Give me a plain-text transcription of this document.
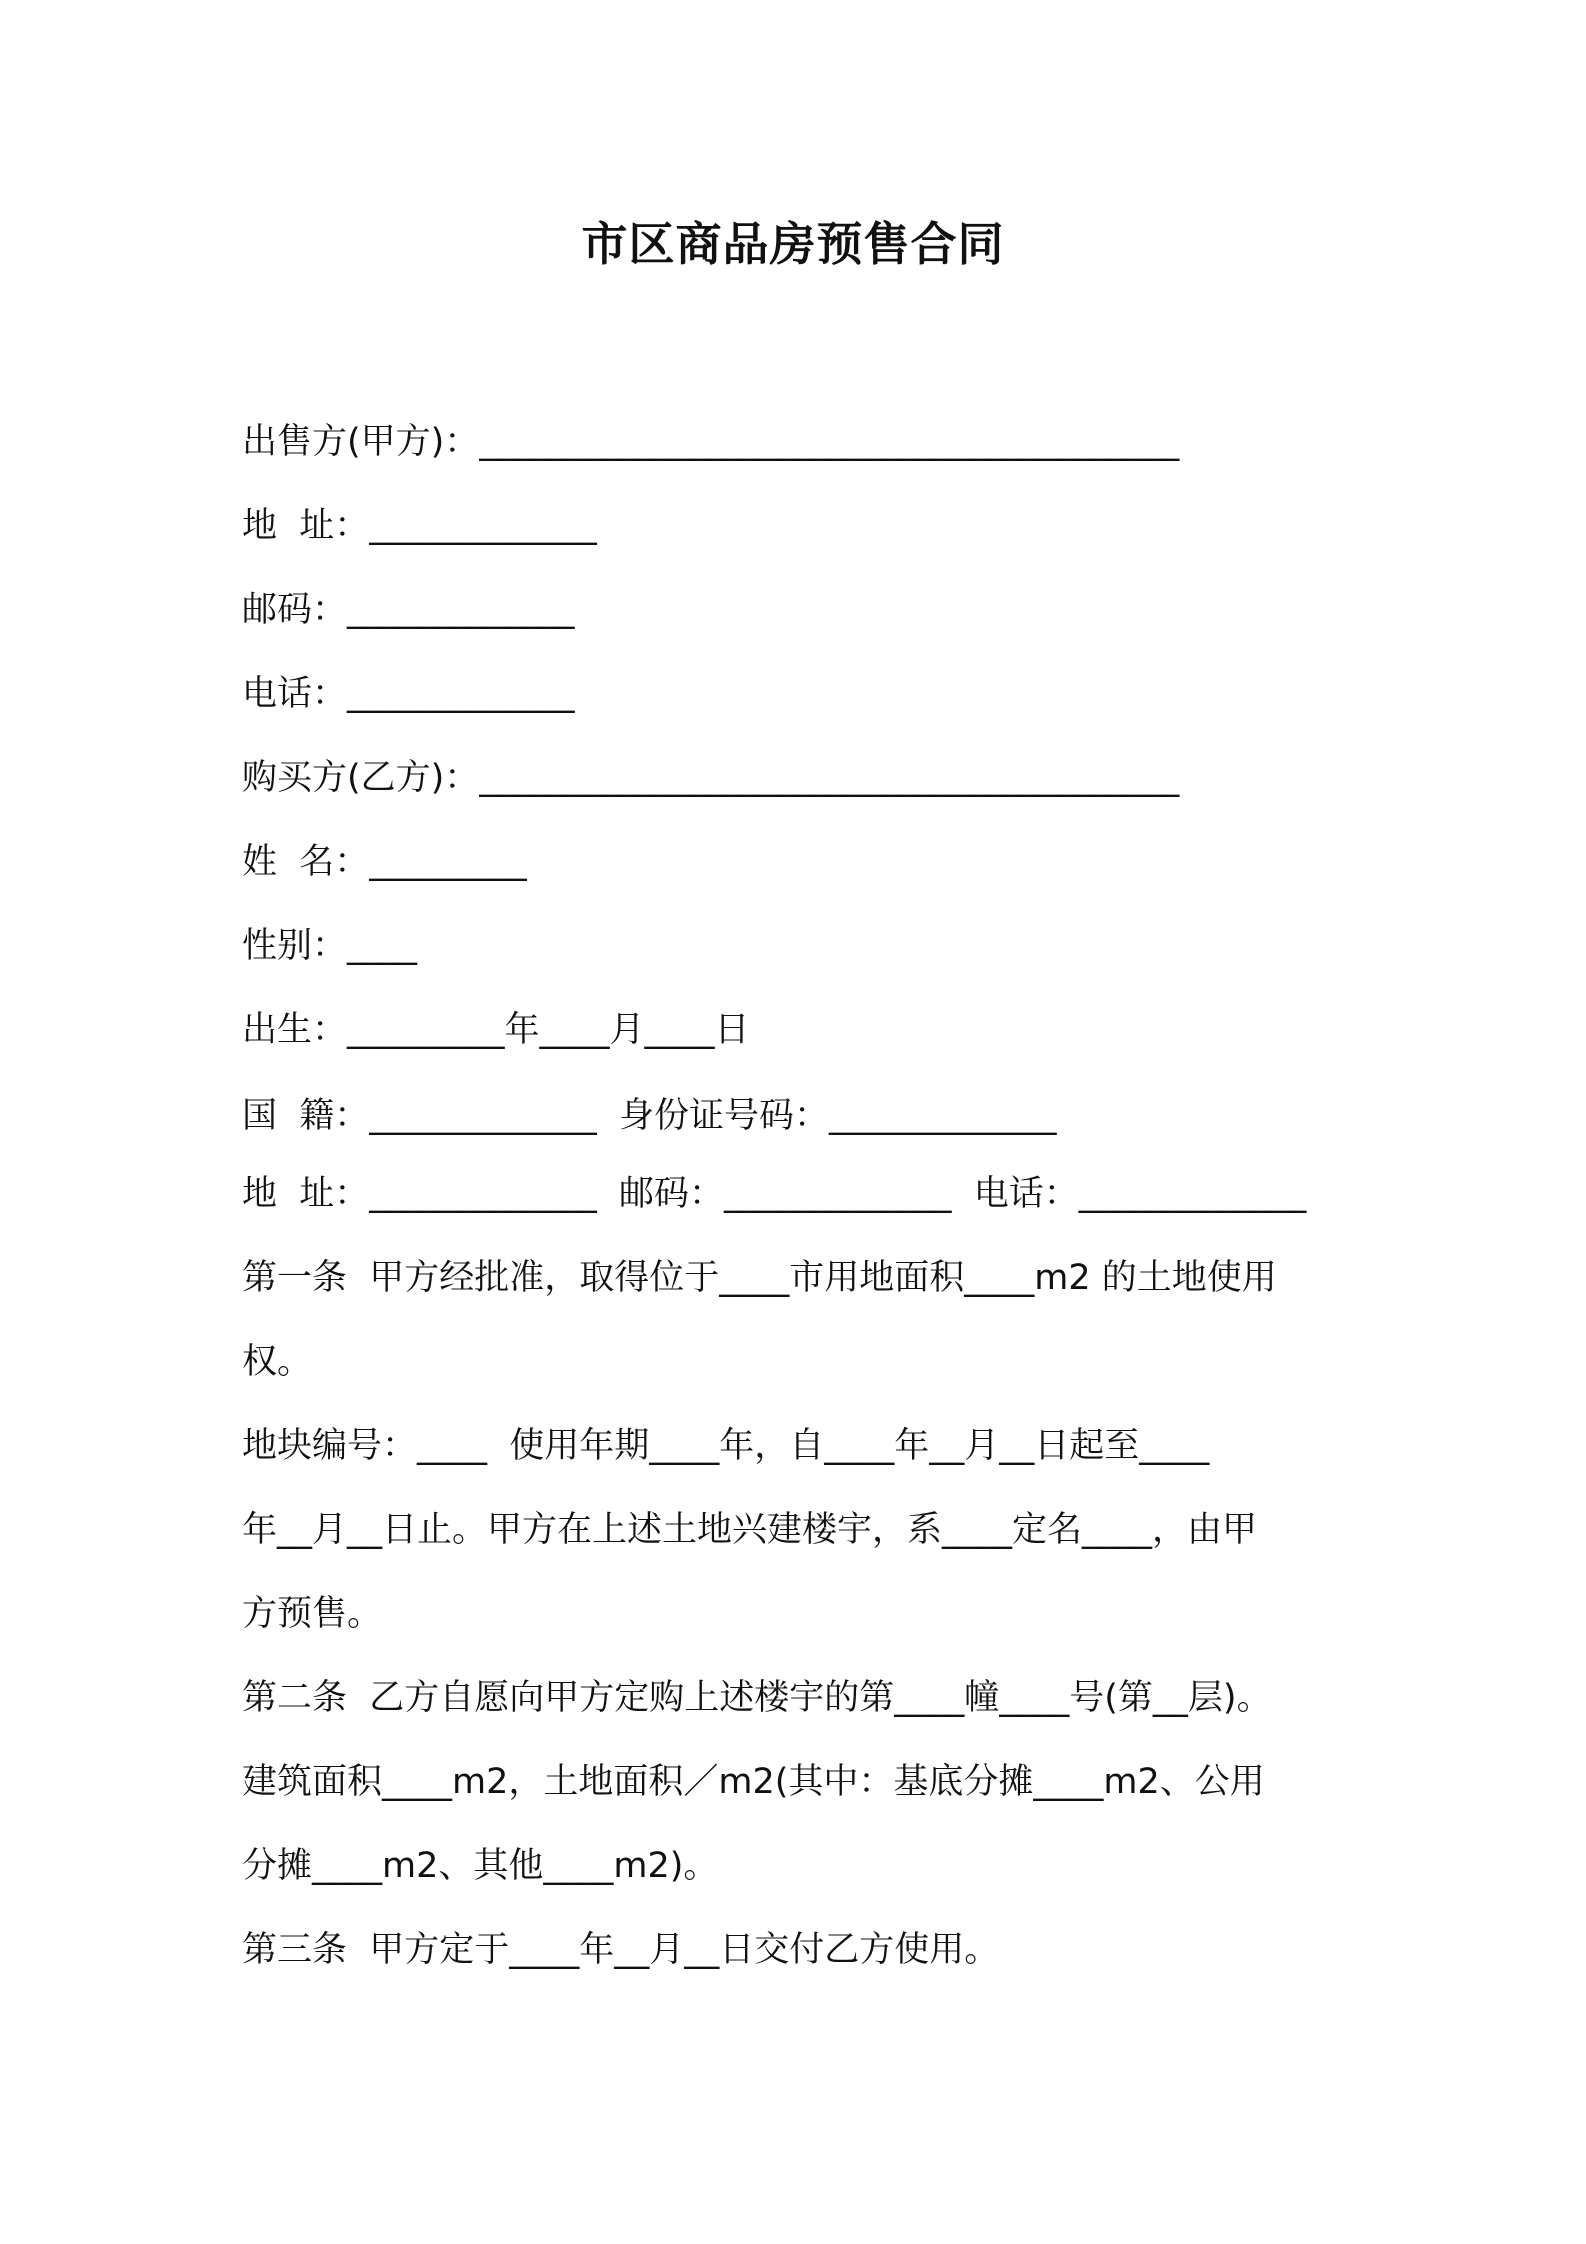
市区商品房预售合同
出售方(甲方)：________________________________________
地  址：_____________
邮码：_____________
电话：_____________
购买方(乙方)：________________________________________
姓  名：_________
性别：____
出生：_________年____月____日
国  籍：_____________  身份证号码：_____________
地  址：_____________  邮码：_____________  电话：_____________
第一条  甲方经批准，取得位于____市用地面积____m2 的土地使用
权。
地块编号：____  使用年期____年，自____年__月__日起至____
年__月__日止。甲方在上述土地兴建楼宇，系____定名____，由甲
方预售。
第二条  乙方自愿向甲方定购上述楼宇的第____幢____号(第__层)。
建筑面积____m2，土地面积／m2(其中：基底分摊____m2、公用
分摊____m2、其他____m2)。
第三条  甲方定于____年__月__日交付乙方使用。
